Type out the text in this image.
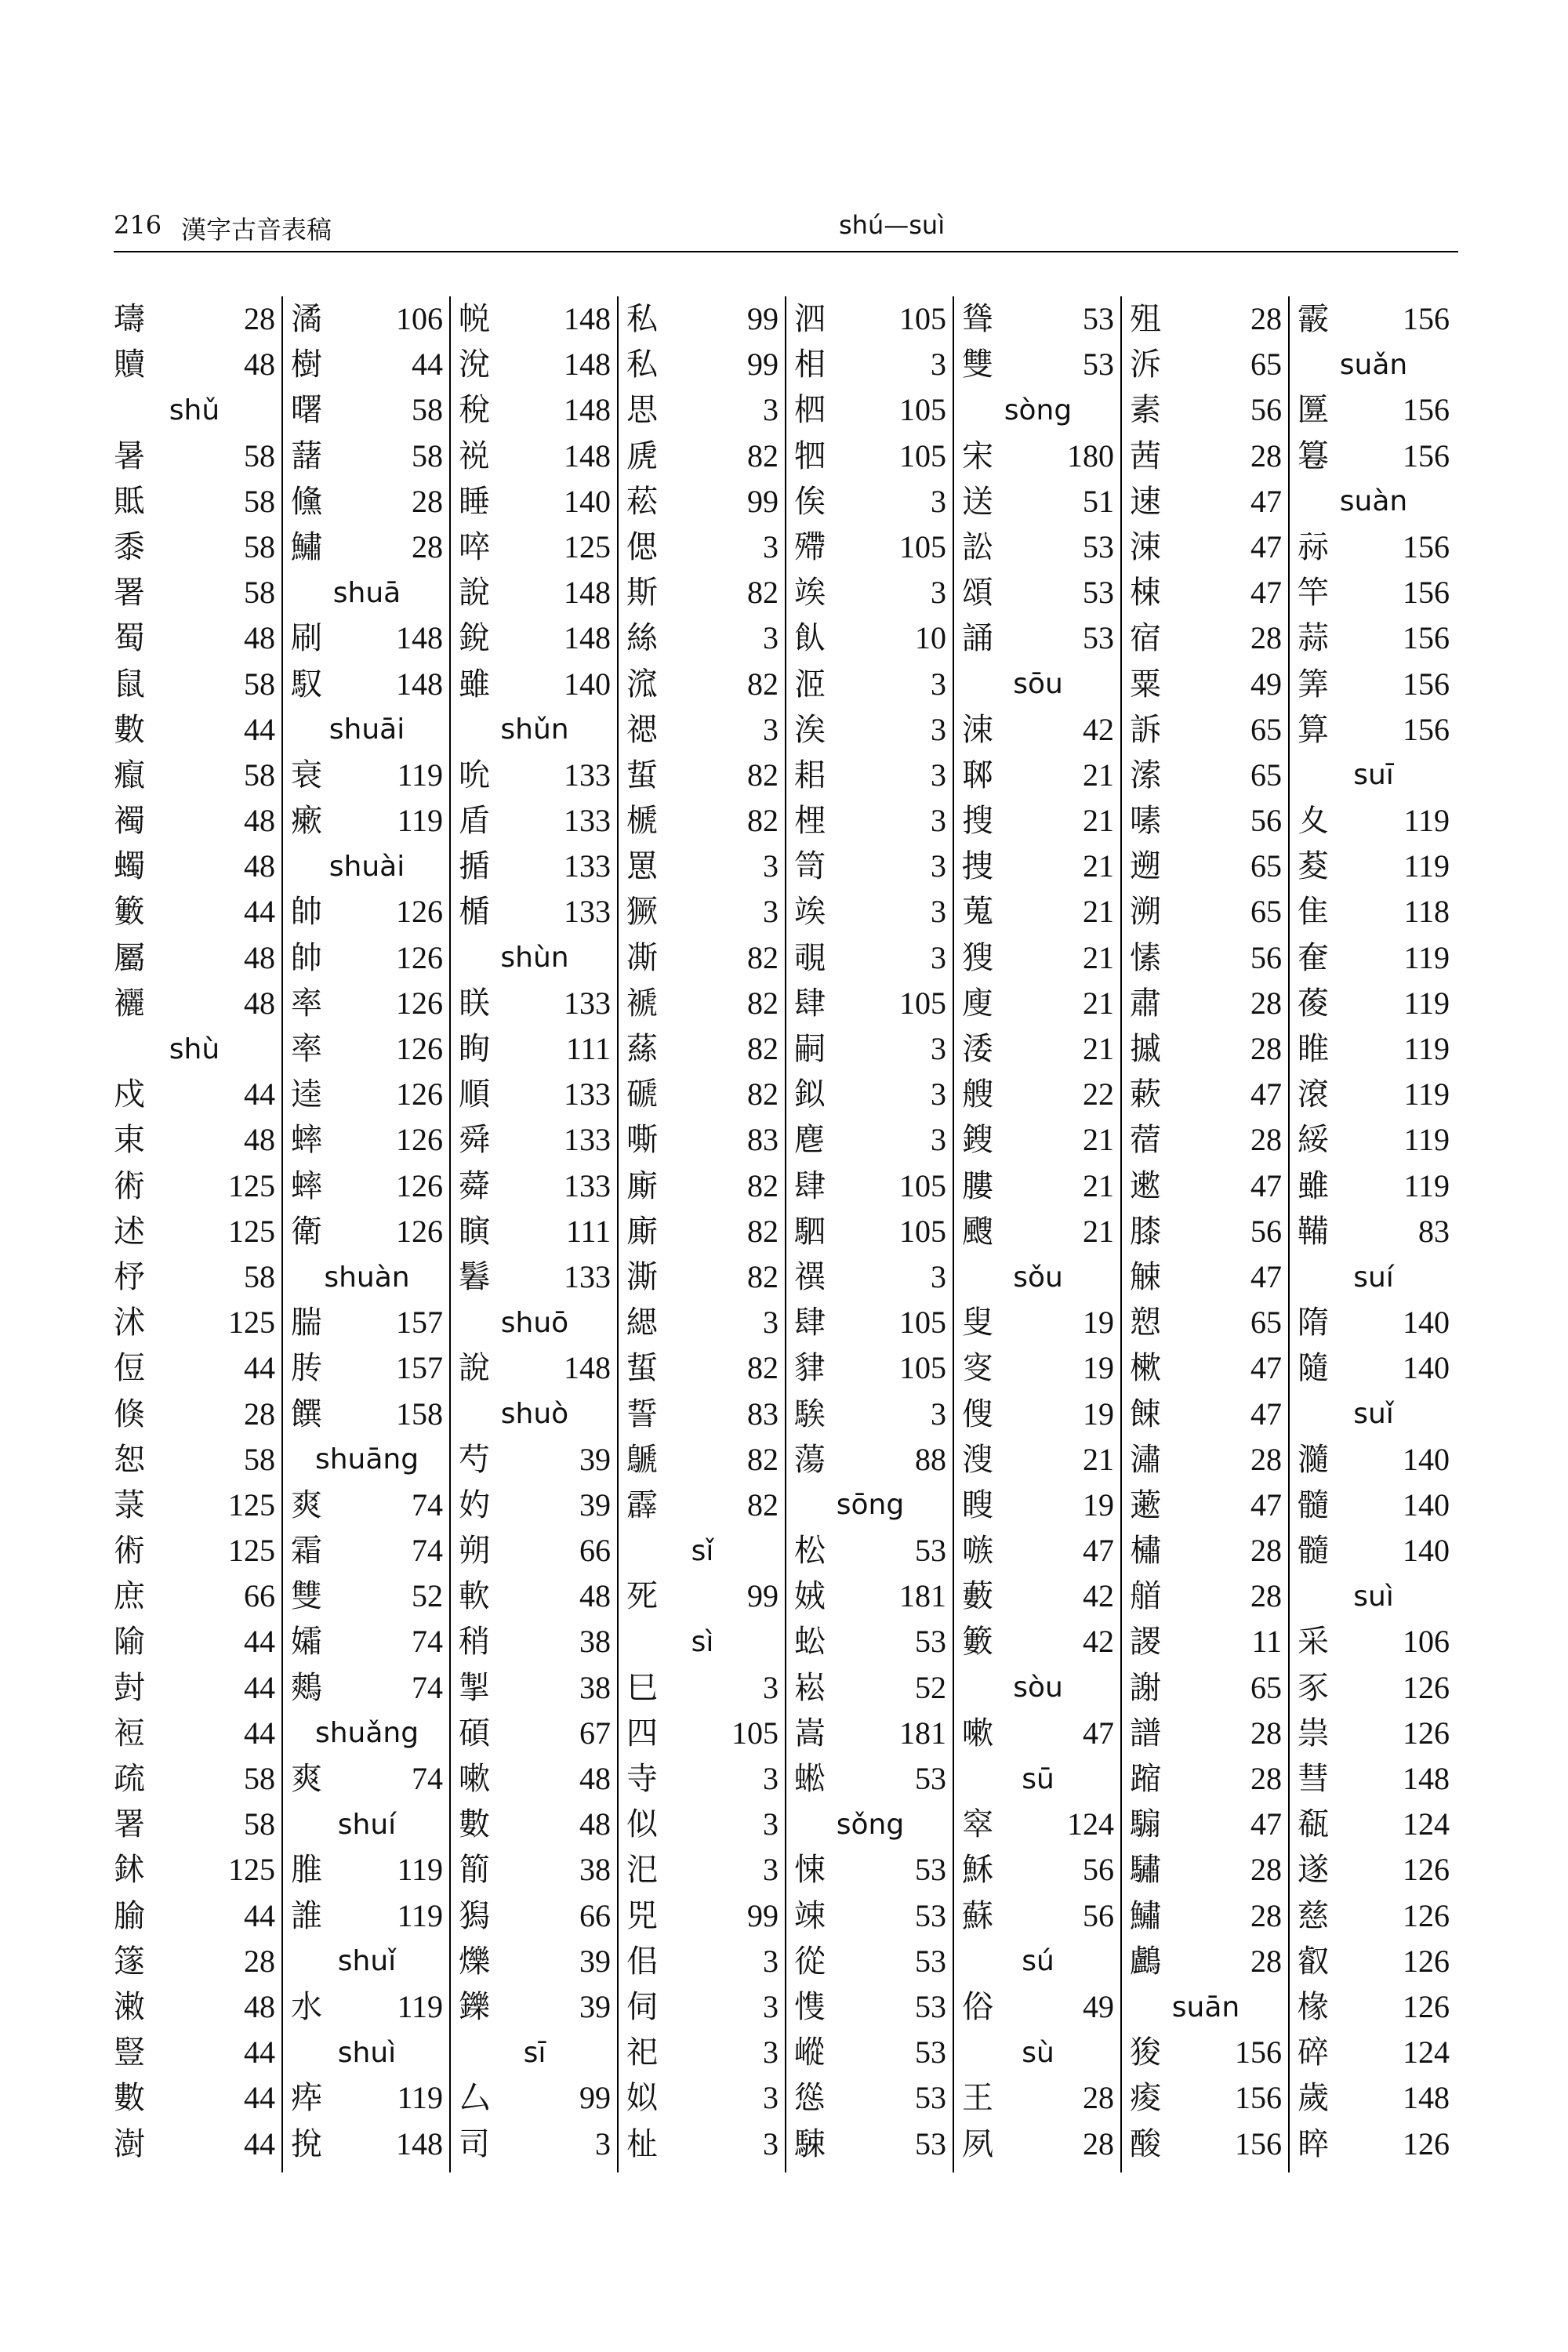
216 漢字古音表稿	shú—suì
璹	28
贖	48
shǔ
暑	58
貾	58
黍	58
署	58
蜀	48
鼠	58
數	44
癙	58
襡	48
蠋	48
籔	44
屬	48
襹	48
shù
戍	44
束	48
術	125
述	125
杼	58
沭	125
侸	44
倏	28
恕	58
菉	125
術	125
庶	66
隃	44
尌	44
裋	44
疏	58
署	58
鉥	125
腧	44
篴	28
潄	48
豎	44
數	44
澍	44
潏 106
樹	44
曙	58
藷	58
儵	28
鱐	28
shuā
刷 148
馭 148
shuāi
衰 119
瘶 119
shuài
帥 126
帥 126
率 126
率 126
逵 126
蟀 126
蟀 126
衛 126
shuàn
腨 157
䏝 157
饌 158
shuāng
爽	74
霜	74
雙	52
孀	74
鷞	74
shuǎng
爽	74
shuí
脽 119
誰 119
shuǐ
水 119
shuì
疩 119
挩 148
帨 148
涗 148
稅 148
祱 148
睡 140
啐 125
說 148
銳 148
雖 140
shǔn
吮 133
盾 133
揗 133
楯 133
shùn
眹 133
眴 111
順 133
舜 133
蕣 133
瞚 111
鬊 133
shuō
說 148
shuò
芍	39
妁	39
朔	66
軟	48
稍	38
掣	38
碩	67
嗽	48
數	48
箾	38
獡	66
爍	39
鑠	39
sī
厶	99
司	3
私	99
私	99
思	3
虒	82
菘	99
偲	3
斯	82
絲	3
溛	82
禗	3
蜇	82
榹	82
罳	3
獗	3
凘	82
褫	82
蕬	82
磃	82
嘶	83
廝	82
廝	82
澌	82
緦	3
蜇	82
誓	83
鷈	82
霹	82
sǐ
死	99
sì
巳	3
四 105
寺	3
似	3
汜	3
兕	99
佀	3
伺	3
祀	3
姒	3
杫	3
泗 105
相	3
柶 105
牭 105
俟	3
殢 105
竢	3
飤	10
洍	3
涘	3
耜	3
梩	3
笥	3
竢	3
覗	3
肆 105
嗣	3
鉯	3
麀	3
肆 105
駟 105
禩	3
肆 105
貄 105
騃	3
蕩	88
sōng
松	53
娀 181
蚣	53
崧	52
嵩 181
蜙	53
sǒng
悚	53
竦	53
從	53
愯	53
嵷	53
慫	53
駷	53
聳	53
雙	53
sòng
宋 180
送	51
訟	53
頌	53
誦	53
sōu
涑	42
郰	21
搜	21
捜	21
蒐	21
獀	21
廋	21
涹	21
艘	22
鎪	21
膢	21
颼	21
sǒu
叟	19
叜	19
傁	19
溲	21
瞍	19
嗾	47
藪	42
籔	42
sòu
嗽	47
sū
窣 124
穌	56
蘇	56
sú
俗	49
sù
王	28
夙	28
殂	28
泝	65
素	56
茜	28
速	47
涑	47
梀	47
宿	28
粟	49
訴	65
溹	65
嗉	56
遡	65
溯	65
愫	56
肅	28
摵	28
蔌	47
蓿	28
遬	47
膝	56
觫	47
愬	65
樕	47
餗	47
潚	28
藗	47
橚	28
艏	28
謖	11
謝	65
譜	28
蹜	28
騸	47
驌	28
鱐	28
鸕	28
suān
狻 156
痠 156
酸 156
霰 156
suǎn
匴 156
篹 156
suàn
祘 156
竿 156
蒜 156
筭 156
算 156
suī
夊 119
荾 119
隹 118
奞 119
葰 119
睢 119
滾 119
綏 119
雖 119
鞴	83
suí
隋 140
隨 140
suǐ
瀡 140
髓 140
髓 140
suì
采 106
豕 126
祟 126
彗 148
瓻 124
遂 126
慈 126
叡 126
椽 126
碎 124
歲 148
睟 126
